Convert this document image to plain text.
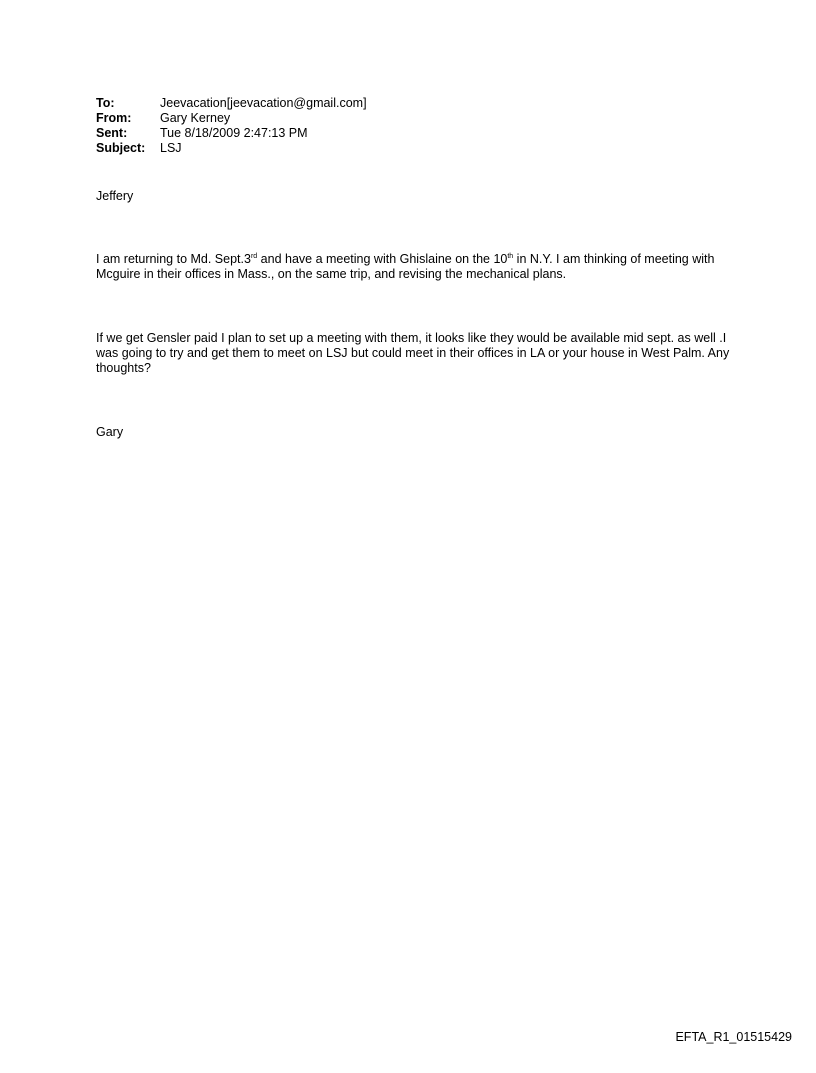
To:	Jeevacation[jeevacation@gmail.com]
From:	Gary Kerney
Sent:	Tue 8/18/2009 2:47:13 PM
Subject:	LSJ

Jeffery

I am returning to Md. Sept.3rd and have a meeting with Ghislaine on the 10th in N.Y. I am thinking of meeting with Mcguire in their offices in Mass., on the same trip, and revising the mechanical plans.

If we get Gensler paid I plan to set up a meeting with them, it looks like they would be available mid sept. as well .I was going to try and get them to meet on LSJ but could meet in their offices in LA or your house in West Palm. Any thoughts?

Gary

EFTA_R1_01515429
